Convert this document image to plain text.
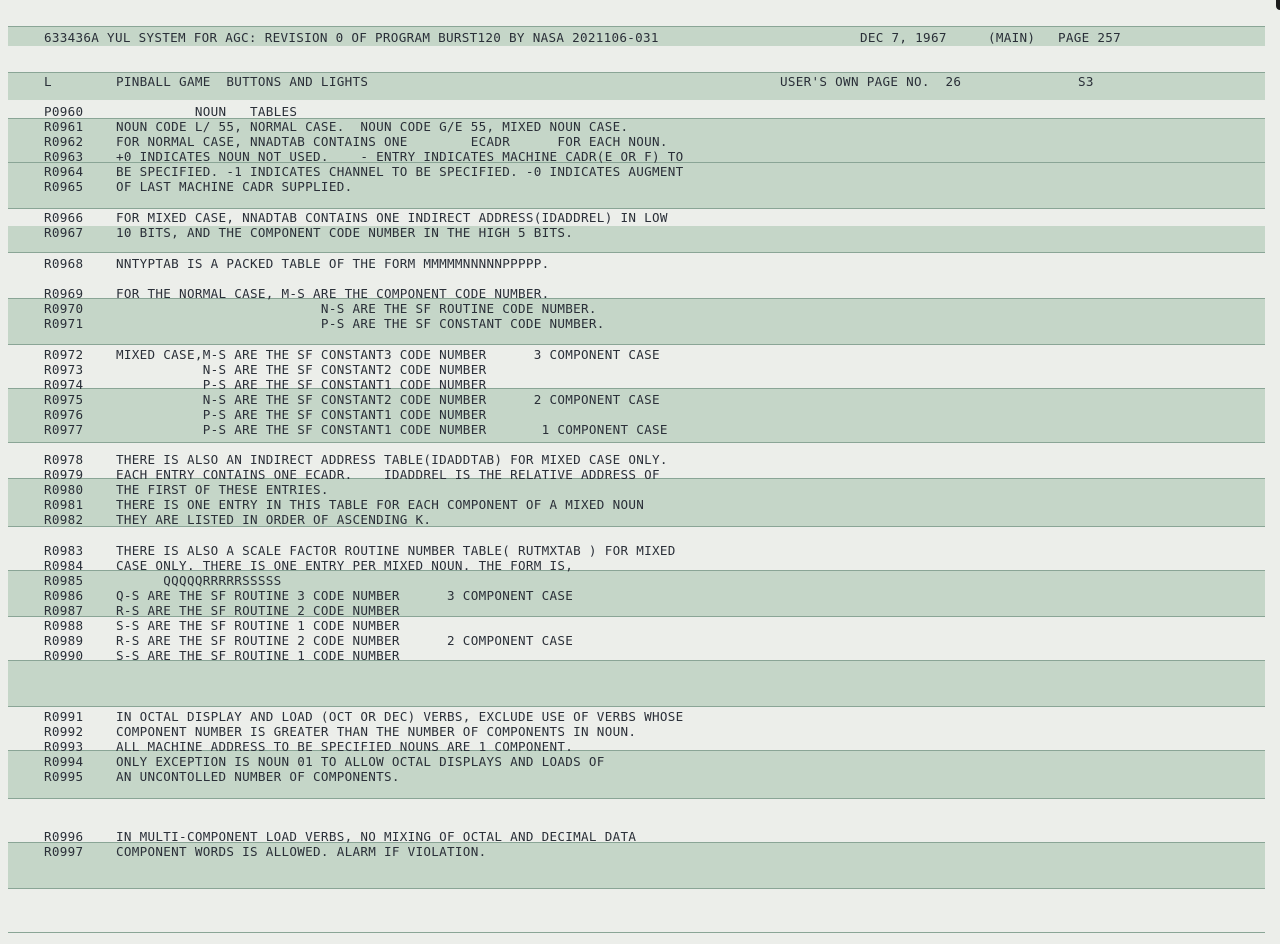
633436A YUL SYSTEM FOR AGC: REVISION 0 OF PROGRAM BURST120 BY NASA 2021106-031	DEC 7, 1967	(MAIN) PAGE 257
L	PINBALL GAME  BUTTONS AND LIGHTS	USER'S OWN PAGE NO.  26	S3
P0960	NOUN   TABLES
R0961	NOUN CODE L/ 55, NORMAL CASE.  NOUN CODE G/E 55, MIXED NOUN CASE.
R0962	FOR NORMAL CASE, NNADTAB CONTAINS ONE        ECADR      FOR EACH NOUN.
R0963	+0 INDICATES NOUN NOT USED.    - ENTRY INDICATES MACHINE CADR(E OR F) TO
R0964	BE SPECIFIED. -1 INDICATES CHANNEL TO BE SPECIFIED. -0 INDICATES AUGMENT
R0965	OF LAST MACHINE CADR SUPPLIED.
R0966	FOR MIXED CASE, NNADTAB CONTAINS ONE INDIRECT ADDRESS(IDADDREL) IN LOW
R0967	10 BITS, AND THE COMPONENT CODE NUMBER IN THE HIGH 5 BITS.
R0968	NNTYPTAB IS A PACKED TABLE OF THE FORM MMMMMNNNNNPPPPP.
R0969	FOR THE NORMAL CASE, M-S ARE THE COMPONENT CODE NUMBER.
R0970	N-S ARE THE SF ROUTINE CODE NUMBER.
R0971	P-S ARE THE SF CONSTANT CODE NUMBER.
R0972	MIXED CASE,M-S ARE THE SF CONSTANT3 CODE NUMBER      3 COMPONENT CASE
R0973	N-S ARE THE SF CONSTANT2 CODE NUMBER
R0974	P-S ARE THE SF CONSTANT1 CODE NUMBER
R0975	N-S ARE THE SF CONSTANT2 CODE NUMBER      2 COMPONENT CASE
R0976	P-S ARE THE SF CONSTANT1 CODE NUMBER
R0977	P-S ARE THE SF CONSTANT1 CODE NUMBER       1 COMPONENT CASE
R0978	THERE IS ALSO AN INDIRECT ADDRESS TABLE(IDADDTAB) FOR MIXED CASE ONLY.
R0979	EACH ENTRY CONTAINS ONE ECADR.    IDADDREL IS THE RELATIVE ADDRESS OF
R0980	THE FIRST OF THESE ENTRIES.
R0981	THERE IS ONE ENTRY IN THIS TABLE FOR EACH COMPONENT OF A MIXED NOUN
R0982	THEY ARE LISTED IN ORDER OF ASCENDING K.
R0983	THERE IS ALSO A SCALE FACTOR ROUTINE NUMBER TABLE( RUTMXTAB ) FOR MIXED
R0984	CASE ONLY. THERE IS ONE ENTRY PER MIXED NOUN. THE FORM IS,
R0985	QQQQQRRRRRSSSSS
R0986	Q-S ARE THE SF ROUTINE 3 CODE NUMBER      3 COMPONENT CASE
R0987	R-S ARE THE SF ROUTINE 2 CODE NUMBER
R0988	S-S ARE THE SF ROUTINE 1 CODE NUMBER
R0989	R-S ARE THE SF ROUTINE 2 CODE NUMBER      2 COMPONENT CASE
R0990	S-S ARE THE SF ROUTINE 1 CODE NUMBER
R0991	IN OCTAL DISPLAY AND LOAD (OCT OR DEC) VERBS, EXCLUDE USE OF VERBS WHOSE
R0992	COMPONENT NUMBER IS GREATER THAN THE NUMBER OF COMPONENTS IN NOUN.
R0993	ALL MACHINE ADDRESS TO BE SPECIFIED NOUNS ARE 1 COMPONENT.
R0994	ONLY EXCEPTION IS NOUN 01 TO ALLOW OCTAL DISPLAYS AND LOADS OF
R0995	AN UNCONTOLLED NUMBER OF COMPONENTS.
R0996	IN MULTI-COMPONENT LOAD VERBS, NO MIXING OF OCTAL AND DECIMAL DATA
R0997	COMPONENT WORDS IS ALLOWED. ALARM IF VIOLATION.
